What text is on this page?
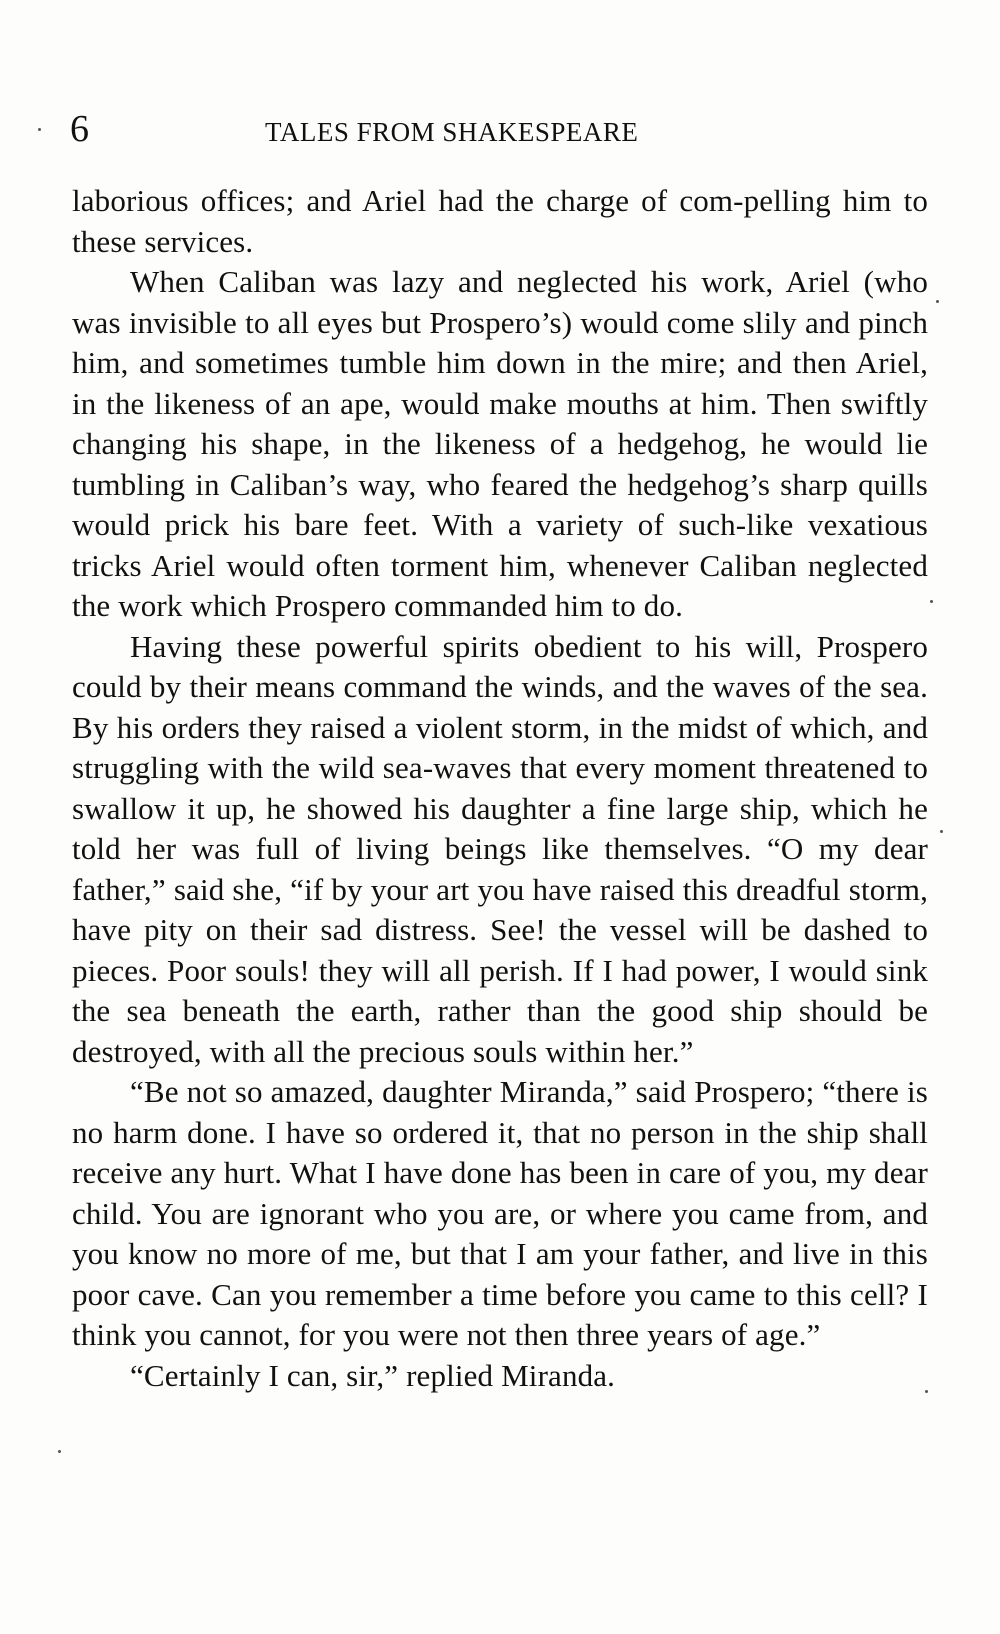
6	TALES FROM SHAKESPEARE

laborious offices; and Ariel had the charge of com-pelling him to these services.

When Caliban was lazy and neglected his work, Ariel (who was invisible to all eyes but Prospero’s) would come slily and pinch him, and sometimes tumble him down in the mire; and then Ariel, in the likeness of an ape, would make mouths at him. Then swiftly changing his shape, in the likeness of a hedgehog, he would lie tumbling in Caliban’s way, who feared the hedgehog’s sharp quills would prick his bare feet. With a variety of such-like vexatious tricks Ariel would often torment him, whenever Caliban neglected the work which Prospero commanded him to do.

Having these powerful spirits obedient to his will, Prospero could by their means command the winds, and the waves of the sea. By his orders they raised a violent storm, in the midst of which, and struggling with the wild sea-waves that every moment threatened to swallow it up, he showed his daughter a fine large ship, which he told her was full of living beings like themselves. “O my dear father,” said she, “if by your art you have raised this dreadful storm, have pity on their sad distress. See! the vessel will be dashed to pieces. Poor souls! they will all perish. If I had power, I would sink the sea beneath the earth, rather than the good ship should be destroyed, with all the precious souls within her.”

“Be not so amazed, daughter Miranda,” said Prospero; “there is no harm done. I have so ordered it, that no person in the ship shall receive any hurt. What I have done has been in care of you, my dear child. You are ignorant who you are, or where you came from, and you know no more of me, but that I am your father, and live in this poor cave. Can you remember a time before you came to this cell? I think you cannot, for you were not then three years of age.”

“Certainly I can, sir,” replied Miranda.
